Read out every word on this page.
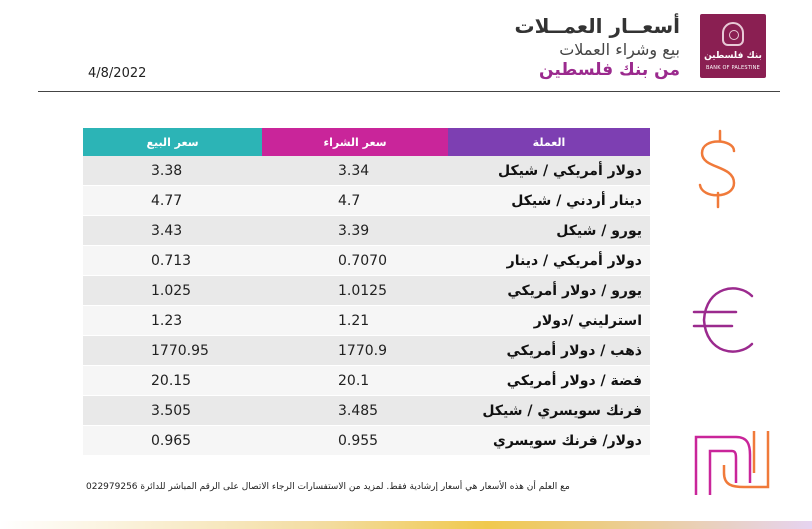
بنك فلسطين
BANK OF PALESTINE
أسعــار العمــلات
بيع وشراء العملات
من بنك فلسطين
4/8/2022
سعر البيع	سعر الشراء	العملة
3.38	3.34	دولار أمريكي / شيكل
4.77	4.7	دينار أردني / شيكل
3.43	3.39	يورو / شيكل
0.713	0.7070	دولار أمريكي / دينار
1.025	1.0125	يورو / دولار أمريكي
1.23	1.21	استرليني /دولار
1770.95	1770.9	ذهب / دولار أمريكي
20.15	20.1	فضة / دولار أمريكي
3.505	3.485	فرنك سويسري / شيكل
0.965	0.955	دولار/ فرنك سويسري
022979256 مع العلم أن هذه الأسعار هي أسعار إرشادية فقط. لمزيد من الاستفسارات الرجاء الاتصال على الرقم المباشر للدائرة
